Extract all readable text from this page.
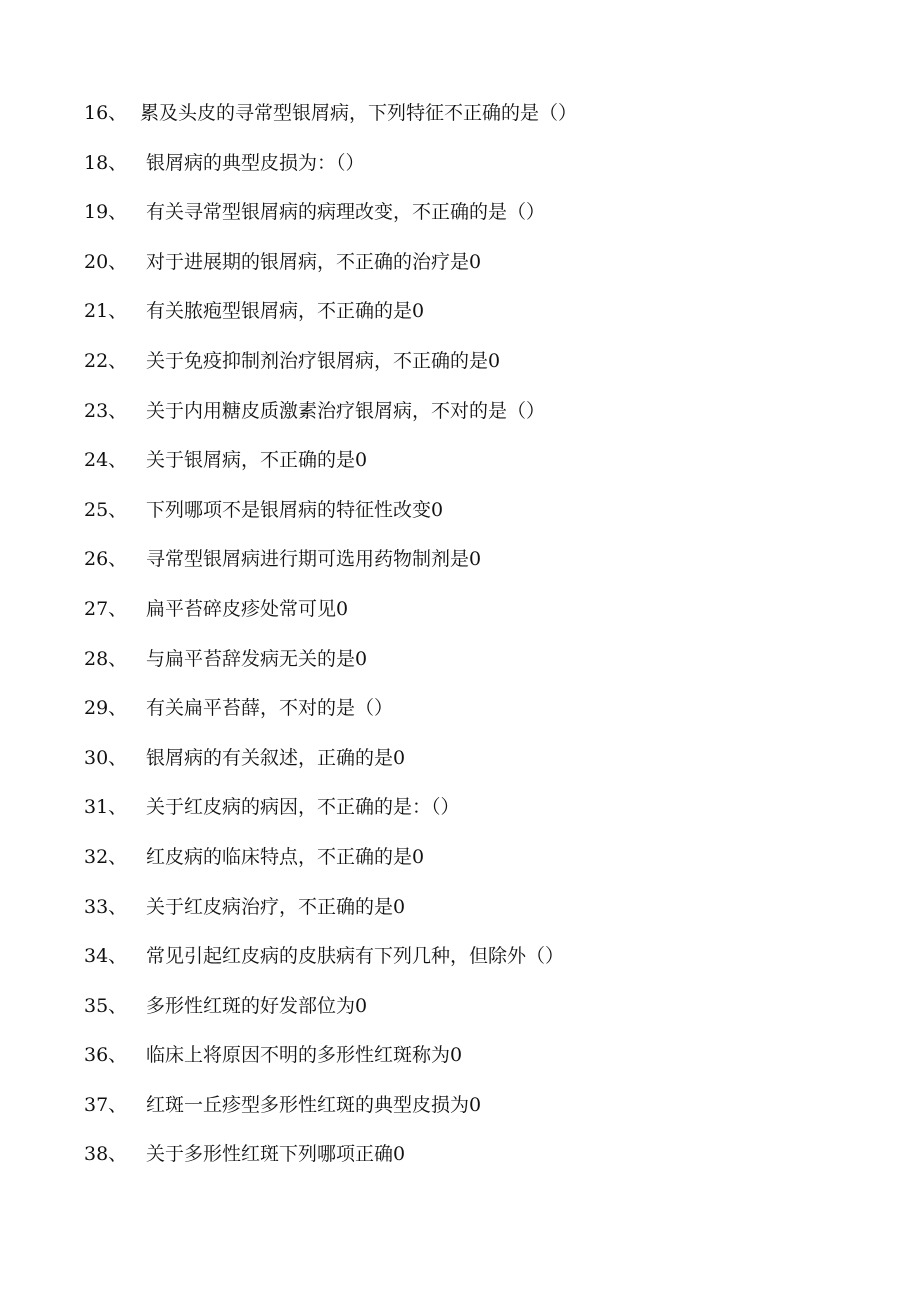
16、 累及头皮的寻常型银屑病，下列特征不正确的是（）
18、 银屑病的典型皮损为：（）
19、 有关寻常型银屑病的病理改变，不正确的是（）
20、 对于进展期的银屑病，不正确的治疗是0
21、 有关脓疱型银屑病，不正确的是0
22、 关于免疫抑制剂治疗银屑病，不正确的是0
23、 关于内用糖皮质激素治疗银屑病，不对的是（）
24、 关于银屑病，不正确的是0
25、 下列哪项不是银屑病的特征性改变0
26、 寻常型银屑病进行期可选用药物制剂是0
27、 扁平苔碎皮疹处常可见0
28、 与扁平苔辞发病无关的是0
29、 有关扁平苔薛，不对的是（）
30、 银屑病的有关叙述，正确的是0
31、 关于红皮病的病因，不正确的是：（）
32、 红皮病的临床特点，不正确的是0
33、 关于红皮病治疗，不正确的是0
34、 常见引起红皮病的皮肤病有下列几种，但除外（）
35、 多形性红斑的好发部位为0
36、 临床上将原因不明的多形性红斑称为0
37、 红斑一丘疹型多形性红斑的典型皮损为0
38、 关于多形性红斑下列哪项正确0
